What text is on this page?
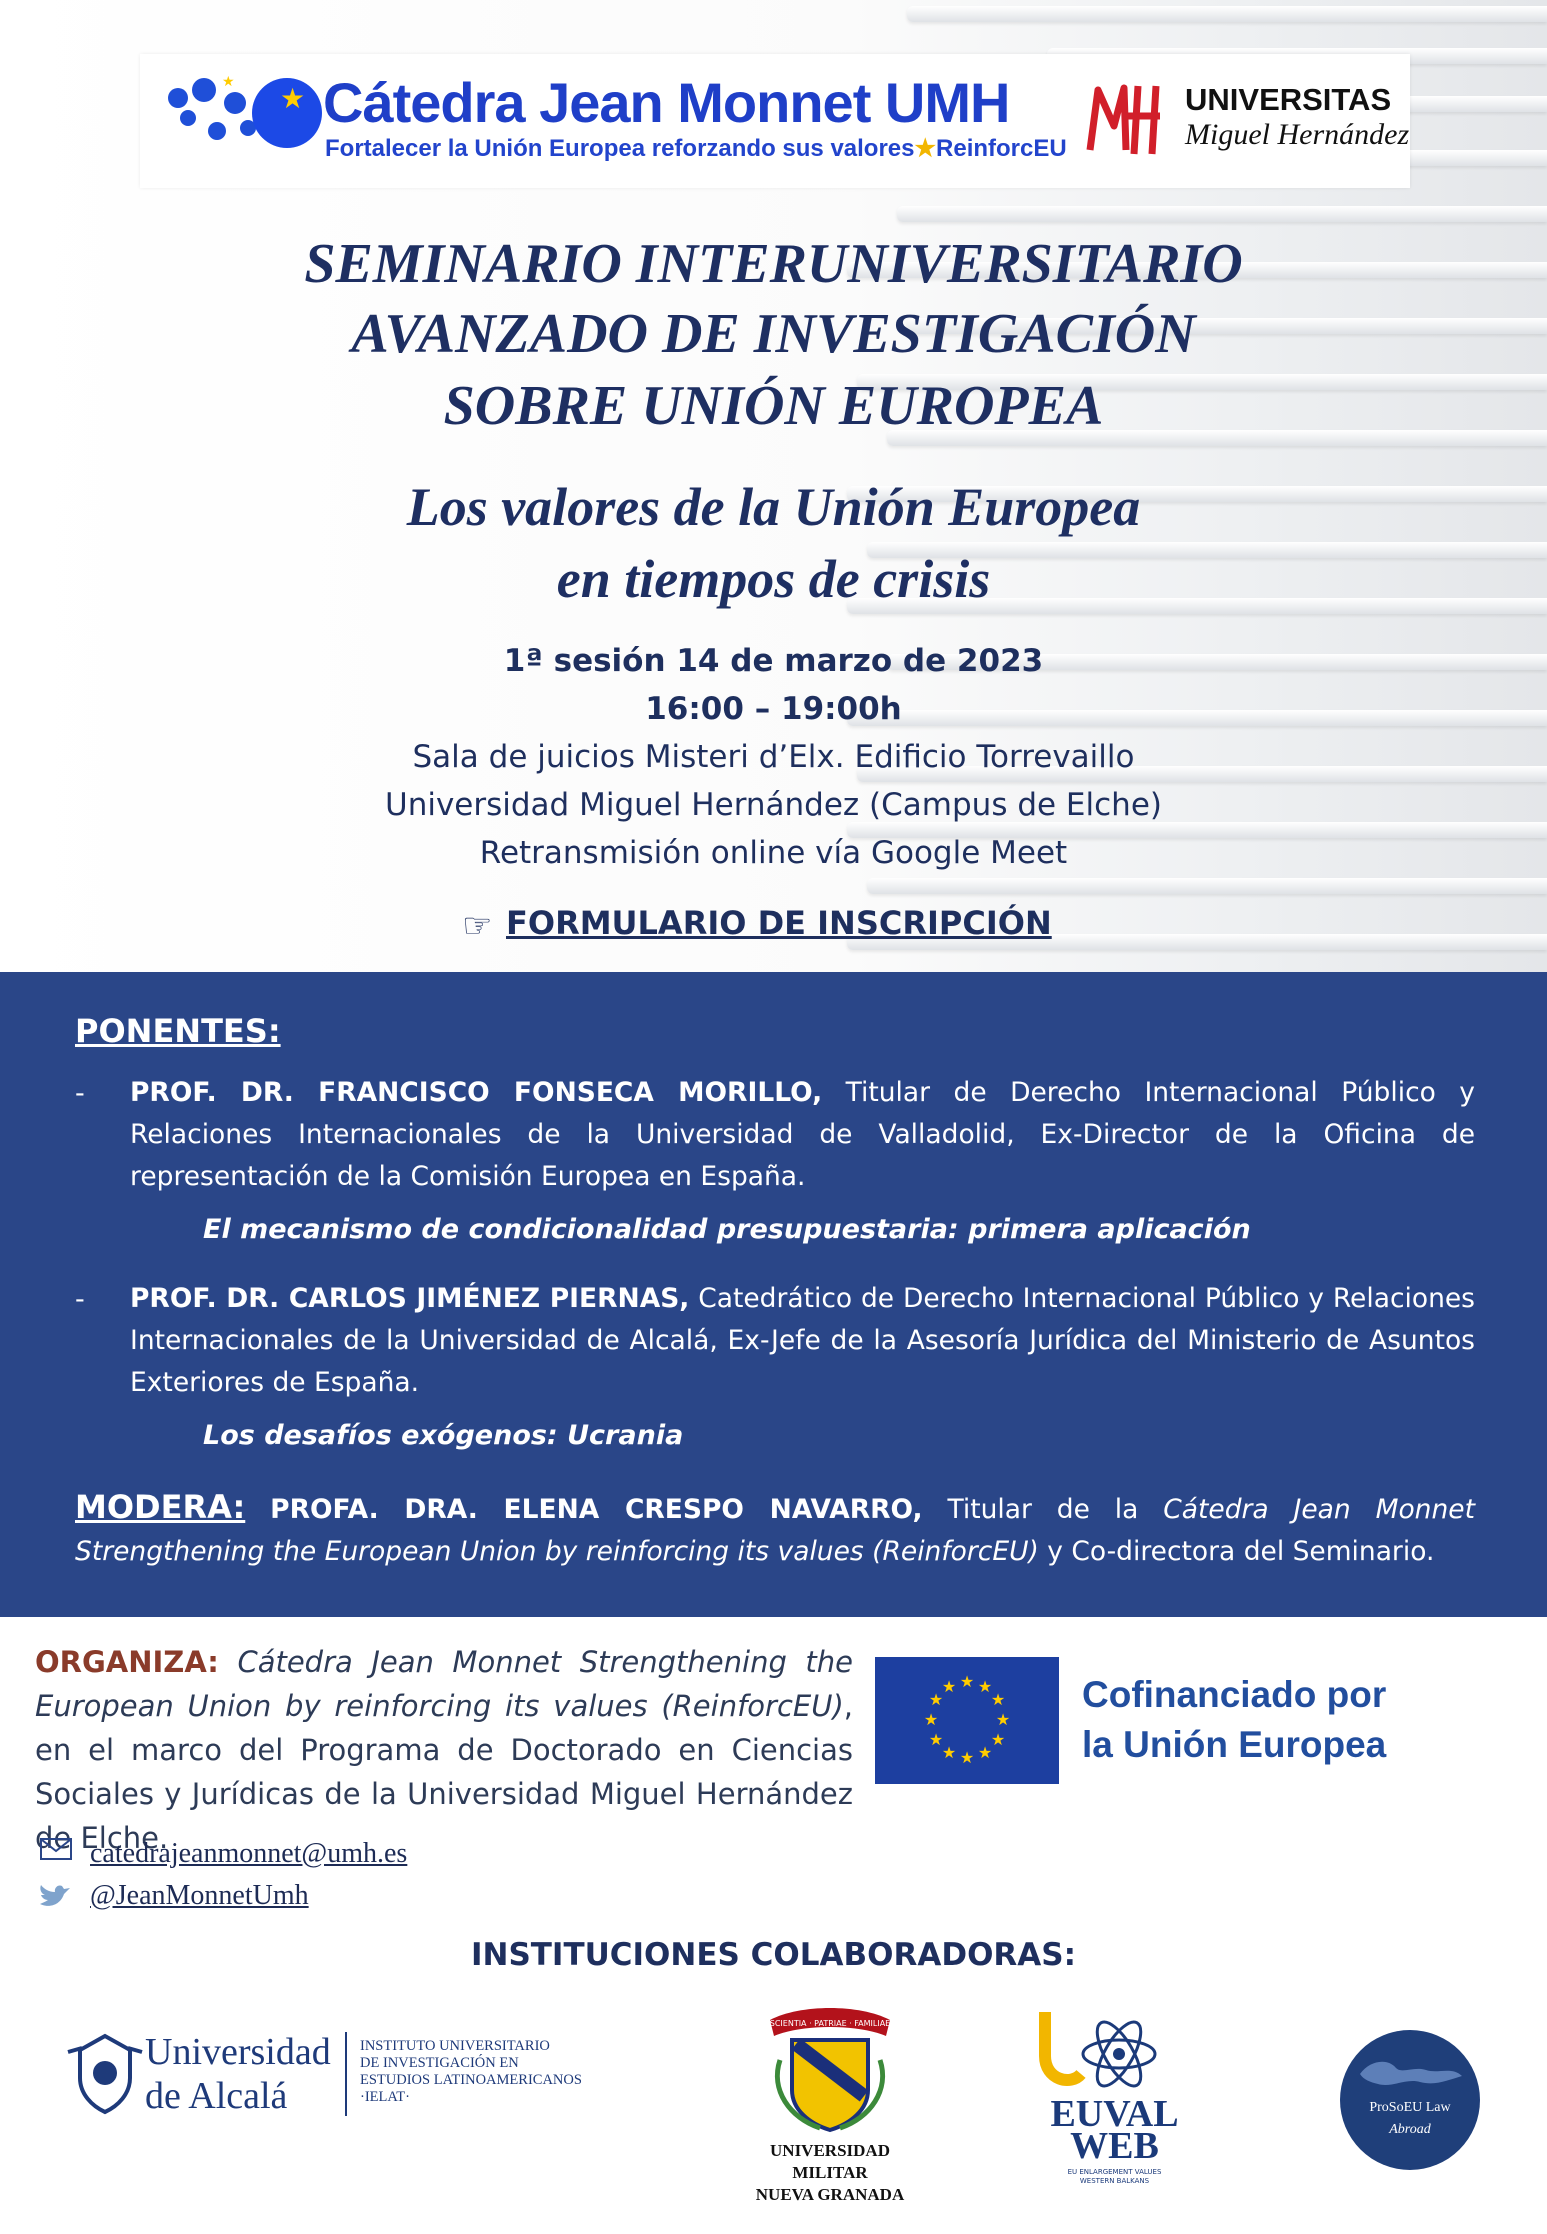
★
★ Cátedra Jean Monnet UMH
Fortalecer la Unión Europea reforzando sus valores★ReinforcEU
UNIVERSITAS
Miguel Hernández
SEMINARIO INTERUNIVERSITARIO
AVANZADO DE INVESTIGACIÓN
SOBRE UNIÓN EUROPEA
Los valores de la Unión Europea
en tiempos de crisis
1ª sesión 14 de marzo de 2023
16:00 – 19:00h
Sala de juicios Misteri d’Elx. Edificio Torrevaillo
Universidad Miguel Hernández (Campus de Elche)
Retransmisión online vía Google Meet
☞ FORMULARIO DE INSCRIPCIÓN
PONENTES:
- PROF. DR. FRANCISCO FONSECA MORILLO, Titular de Derecho Internacional Público y Relaciones Internacionales de la Universidad de Valladolid, Ex-Director de la Oficina de representación de la Comisión Europea en España.
El mecanismo de condicionalidad presupuestaria: primera aplicación
- PROF. DR. CARLOS JIMÉNEZ PIERNAS, Catedrático de Derecho Internacional Público y Relaciones Internacionales de la Universidad de Alcalá, Ex-Jefe de la Asesoría Jurídica del Ministerio de Asuntos Exteriores de España.
Los desafíos exógenos: Ucrania
MODERA: PROFA. DRA. ELENA CRESPO NAVARRO, Titular de la Cátedra Jean Monnet Strengthening the European Union by reinforcing its values (ReinforcEU) y Co-directora del Seminario.
ORGANIZA: Cátedra Jean Monnet Strengthening the European Union by reinforcing its values (ReinforcEU), en el marco del Programa de Doctorado en Ciencias Sociales y Jurídicas de la Universidad Miguel Hernández de Elche.
★ ★
★
★
★
★
★
★
★
★
★
★	Cofinanciado por
la Unión Europea
catedrajeanmonnet@umh.es
@JeanMonnetUmh
INSTITUCIONES COLABORADORAS:
Universidad
de Alcalá
INSTITUTO UNIVERSITARIO
DE INVESTIGACIÓN EN
ESTUDIOS LATINOAMERICANOS
·IELAT·
SCIENTIA · PATRIAE · FAMILIAE
UNIVERSIDAD MILITAR
NUEVA GRANADA
EUVAL
WEB
EU ENLARGEMENT VALUES
WESTERN BALKANS
ProSoEU Law
Abroad
